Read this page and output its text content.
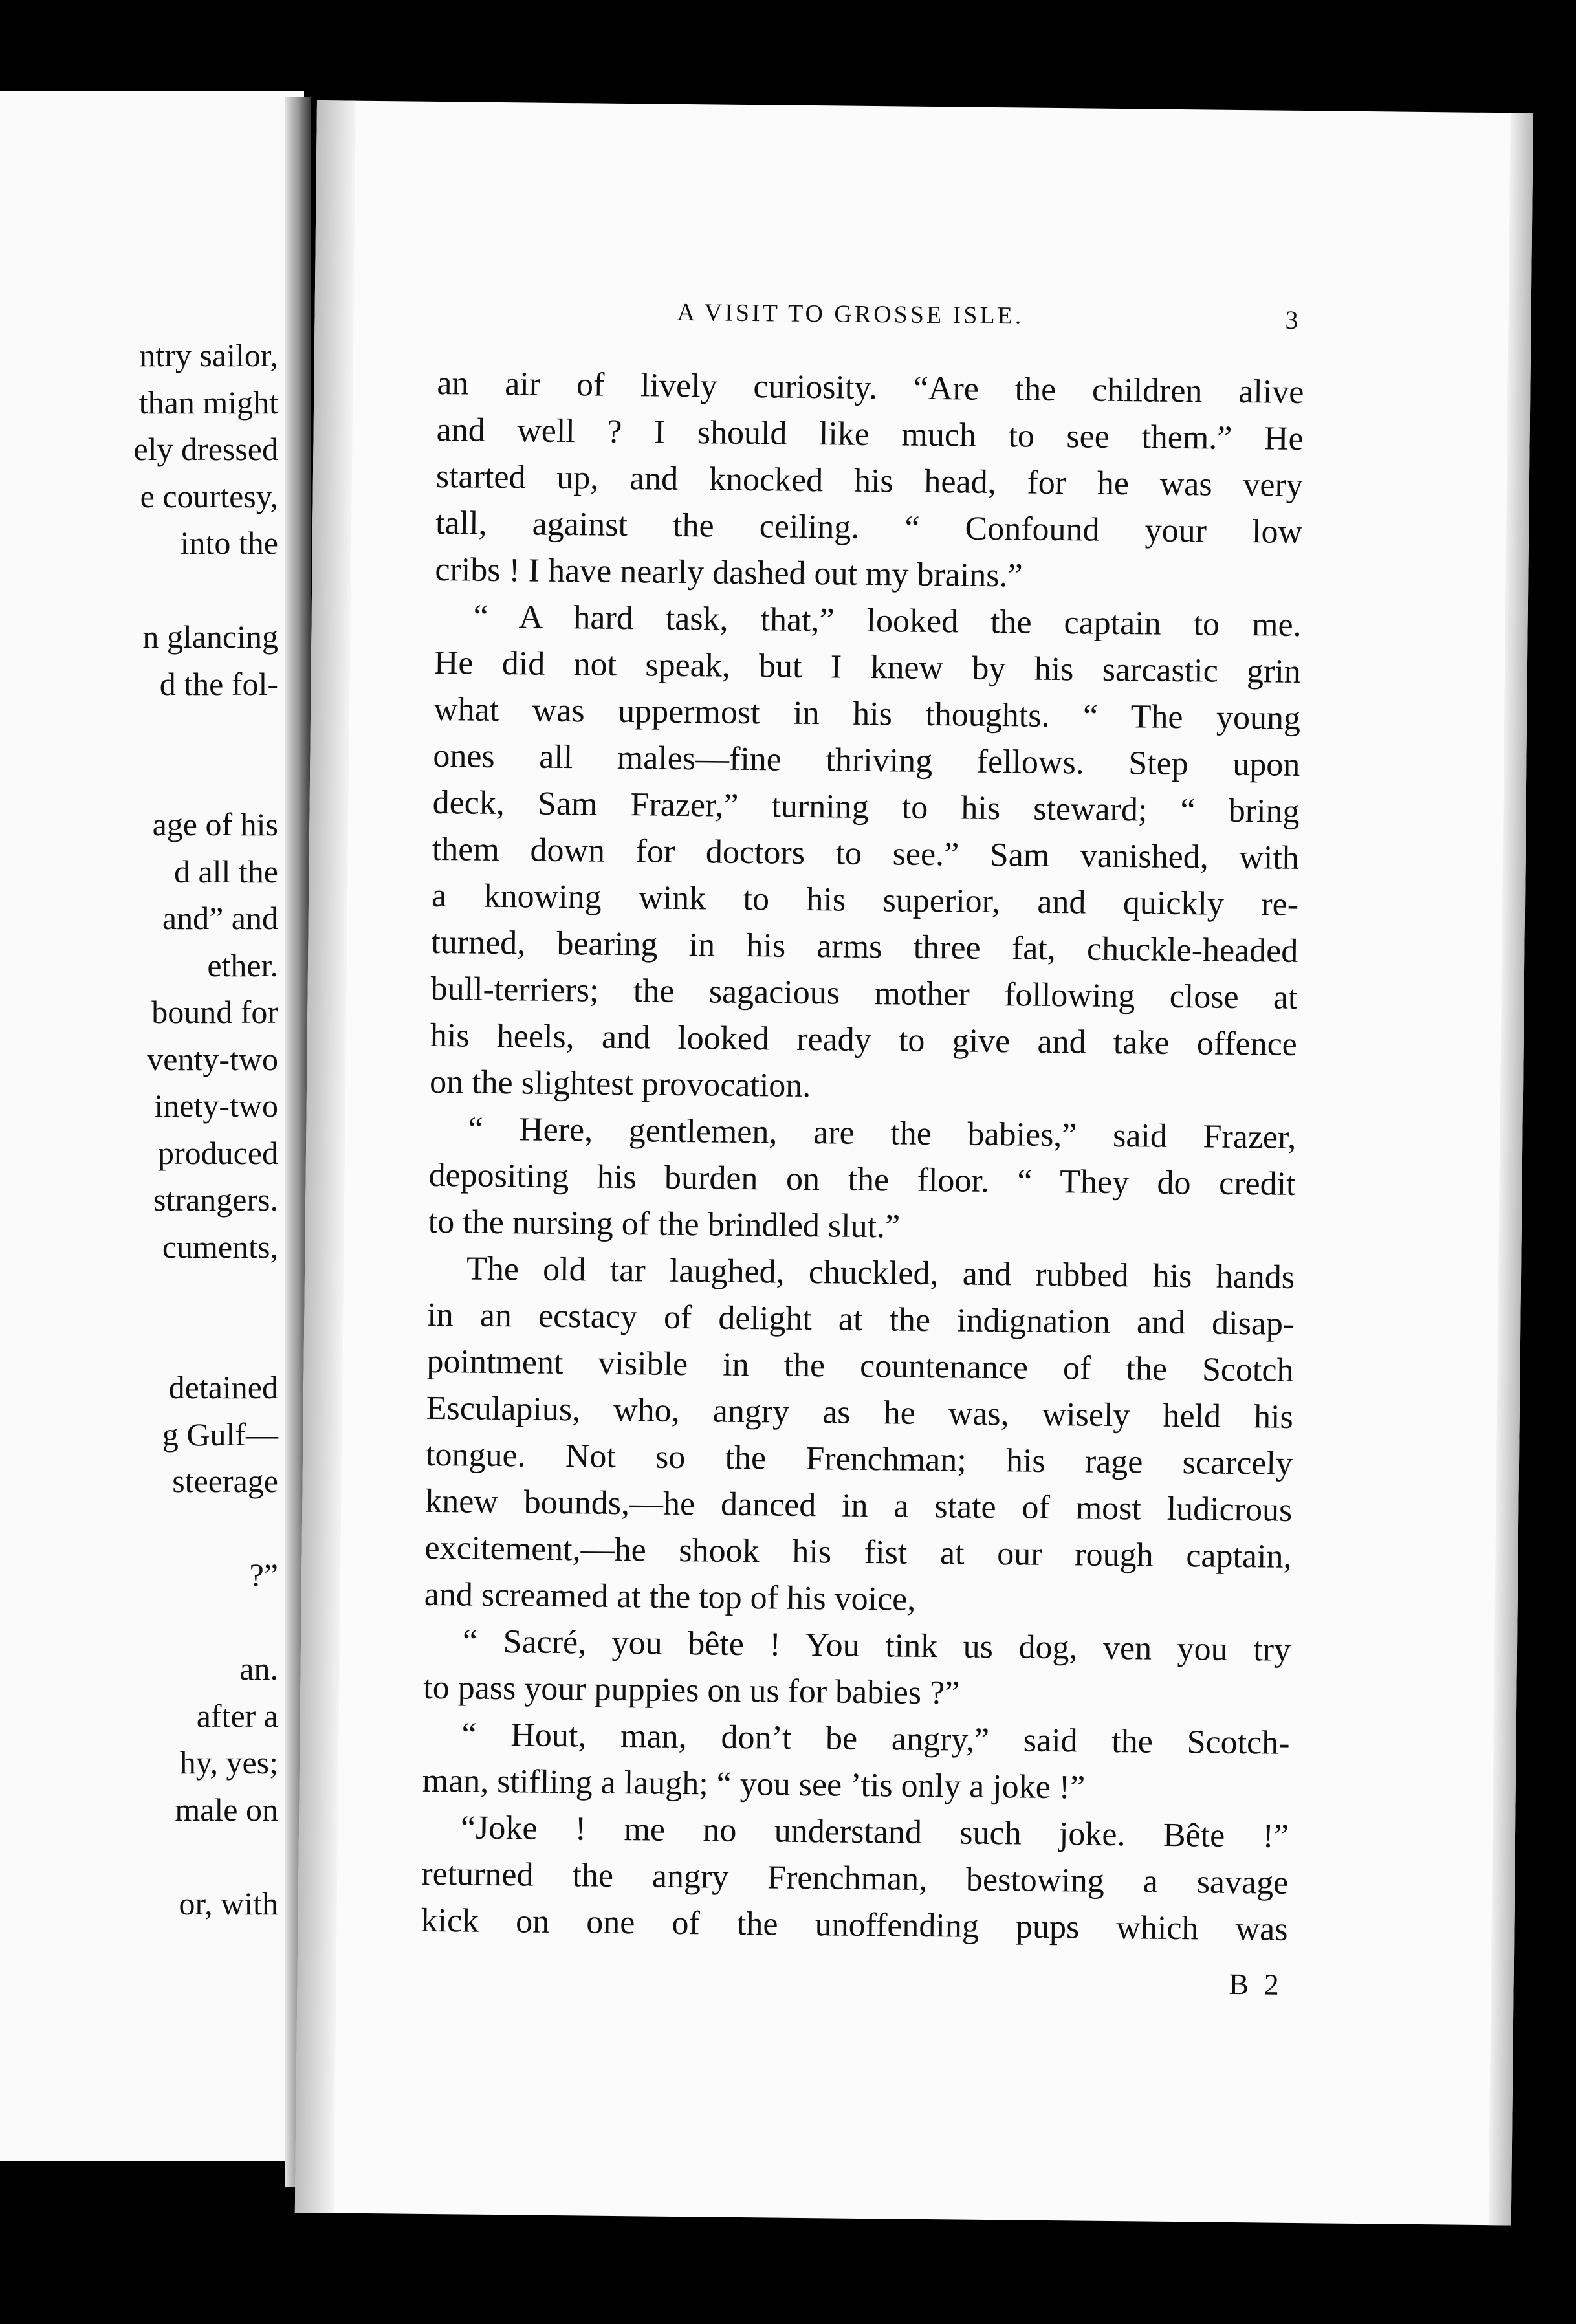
ntry sailor,
than might
ely dressed
e courtesy,
into the
n glancing
d the fol-
age of his
d all the
and” and
ether.
bound for
venty-two
inety-two
produced
strangers.
cuments,
detained
g Gulf—
steerage
?”
an.
after a
hy, yes;
male on
or, with
A VISIT TO GROSSE ISLE.	3
an air of lively curiosity. “Are the children alive
and well ? I should like much to see them.” He
started up, and knocked his head, for he was very
tall, against the ceiling. “ Confound your low
cribs ! I have nearly dashed out my brains.”
“ A hard task, that,” looked the captain to me.
He did not speak, but I knew by his sarcastic grin
what was uppermost in his thoughts. “ The young
ones all males—fine thriving fellows. Step upon
deck, Sam Frazer,” turning to his steward; “ bring
them down for doctors to see.” Sam vanished, with
a knowing wink to his superior, and quickly re-
turned, bearing in his arms three fat, chuckle-headed
bull-terriers; the sagacious mother following close at
his heels, and looked ready to give and take offence
on the slightest provocation.
“ Here, gentlemen, are the babies,” said Frazer,
depositing his burden on the floor. “ They do credit
to the nursing of the brindled slut.”
The old tar laughed, chuckled, and rubbed his hands
in an ecstacy of delight at the indignation and disap-
pointment visible in the countenance of the Scotch
Esculapius, who, angry as he was, wisely held his
tongue. Not so the Frenchman; his rage scarcely
knew bounds,—he danced in a state of most ludicrous
excitement,—he shook his fist at our rough captain,
and screamed at the top of his voice,
“ Sacré, you bête ! You tink us dog, ven you try
to pass your puppies on us for babies ?”
“ Hout, man, don’t be angry,” said the Scotch-
man, stifling a laugh; “ you see ’tis only a joke !”
“Joke ! me no understand such joke. Bête !”
returned the angry Frenchman, bestowing a savage
kick on one of the unoffending pups which was
B 2
